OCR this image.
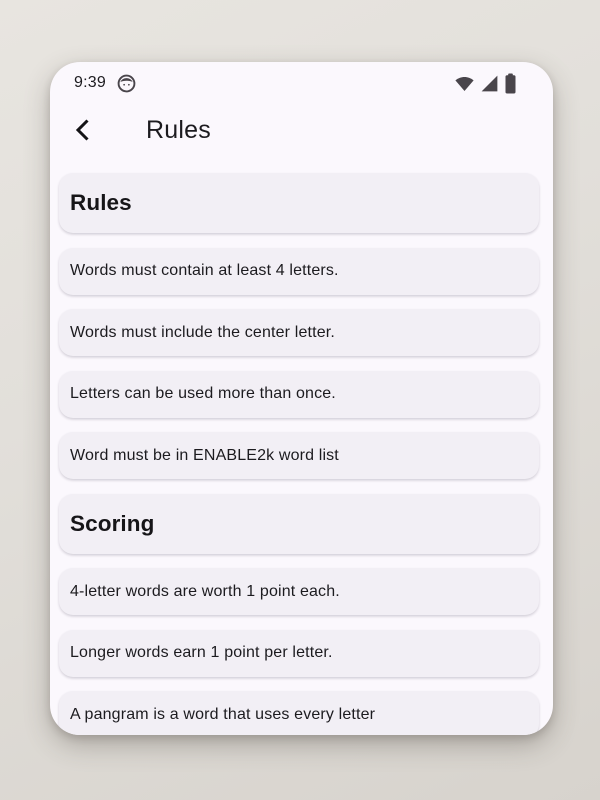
9:39
Rules
Rules
Words must contain at least 4 letters.
Words must include the center letter.
Letters can be used more than once.
Word must be in ENABLE2k word list
Scoring
4-letter words are worth 1 point each.
Longer words earn 1 point per letter.
A pangram is a word that uses every letter
